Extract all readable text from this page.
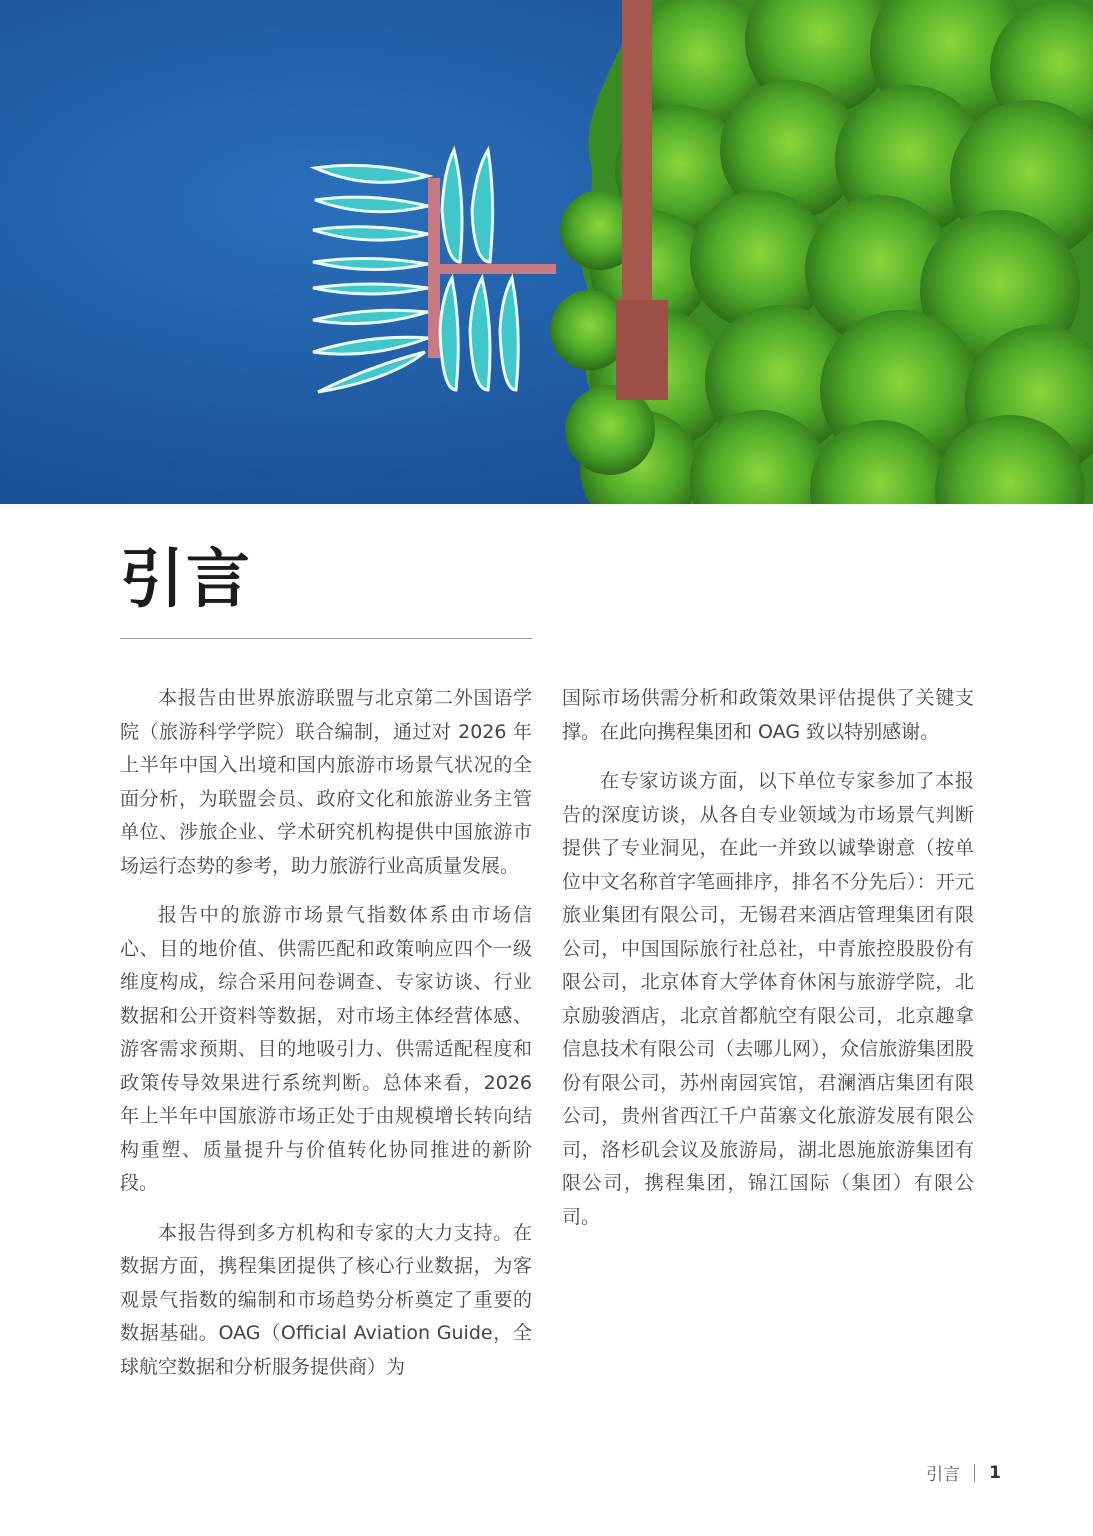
引言

本报告由世界旅游联盟与北京第二外国语学院（旅游科学学院）联合编制，通过对 2026 年上半年中国入出境和国内旅游市场景气状况的全面分析，为联盟会员、政府文化和旅游业务主管单位、涉旅企业、学术研究机构提供中国旅游市场运行态势的参考，助力旅游行业高质量发展。

报告中的旅游市场景气指数体系由市场信心、目的地价值、供需匹配和政策响应四个一级维度构成，综合采用问卷调查、专家访谈、行业数据和公开资料等数据，对市场主体经营体感、游客需求预期、目的地吸引力、供需适配程度和政策传导效果进行系统判断。总体来看，2026 年上半年中国旅游市场正处于由规模增长转向结构重塑、质量提升与价值转化协同推进的新阶段。

本报告得到多方机构和专家的大力支持。在数据方面，携程集团提供了核心行业数据，为客观景气指数的编制和市场趋势分析奠定了重要的数据基础。OAG（Official Aviation Guide，全球航空数据和分析服务提供商）为

国际市场供需分析和政策效果评估提供了关键支撑。在此向携程集团和 OAG 致以特别感谢。

在专家访谈方面，以下单位专家参加了本报告的深度访谈，从各自专业领域为市场景气判断提供了专业洞见，在此一并致以诚挚谢意（按单位中文名称首字笔画排序，排名不分先后）：开元旅业集团有限公司，无锡君来酒店管理集团有限公司，中国国际旅行社总社，中青旅控股股份有限公司，北京体育大学体育休闲与旅游学院，北京励骏酒店，北京首都航空有限公司，北京趣拿信息技术有限公司（去哪儿网），众信旅游集团股份有限公司，苏州南园宾馆，君澜酒店集团有限公司，贵州省西江千户苗寨文化旅游发展有限公司，洛杉矶会议及旅游局，湖北恩施旅游集团有限公司，携程集团，锦江国际（集团）有限公司。

引言 1
